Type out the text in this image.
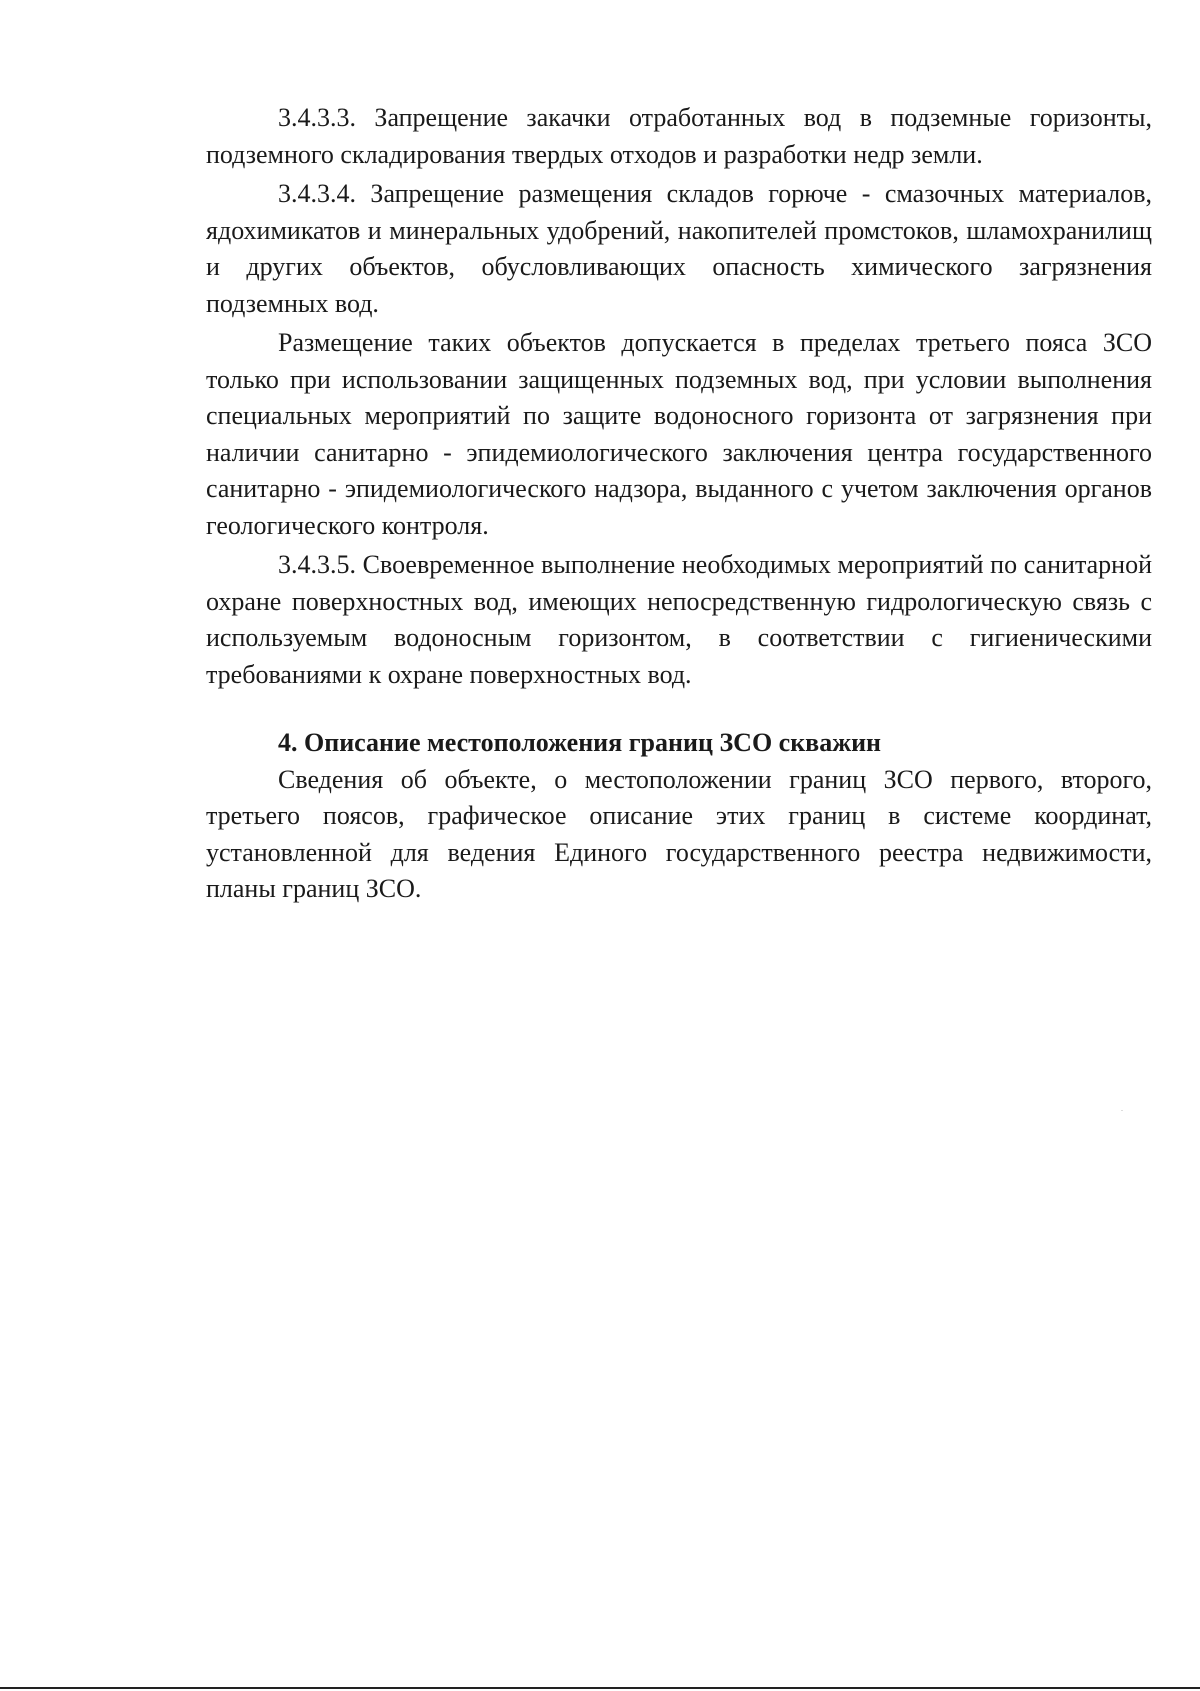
3.4.3.3. Запрещение закачки отработанных вод в подземные горизонты, подземного складирования твердых отходов и разработки недр земли.

3.4.3.4. Запрещение размещения складов горюче - смазочных материалов, ядохимикатов и минеральных удобрений, накопителей промстоков, шламохранилищ и других объектов, обусловливающих опасность химического загрязнения подземных вод.

Размещение таких объектов допускается в пределах третьего пояса ЗСО только при использовании защищенных подземных вод, при условии выполнения специальных мероприятий по защите водоносного горизонта от загрязнения при наличии санитарно - эпидемиологического заключения центра государственного санитарно - эпидемиологического надзора, выданного с учетом заключения органов геологического контроля.

3.4.3.5. Своевременное выполнение необходимых мероприятий по санитарной охране поверхностных вод, имеющих непосредственную гидрологическую связь с используемым водоносным горизонтом, в соответствии с гигиеническими требованиями к охране поверхностных вод.

4. Описание местоположения границ ЗСО скважин

Сведения об объекте, о местоположении границ ЗСО первого, второго, третьего поясов, графическое описание этих границ в системе координат, установленной для ведения Единого государственного реестра недвижимости, планы границ ЗСО.
